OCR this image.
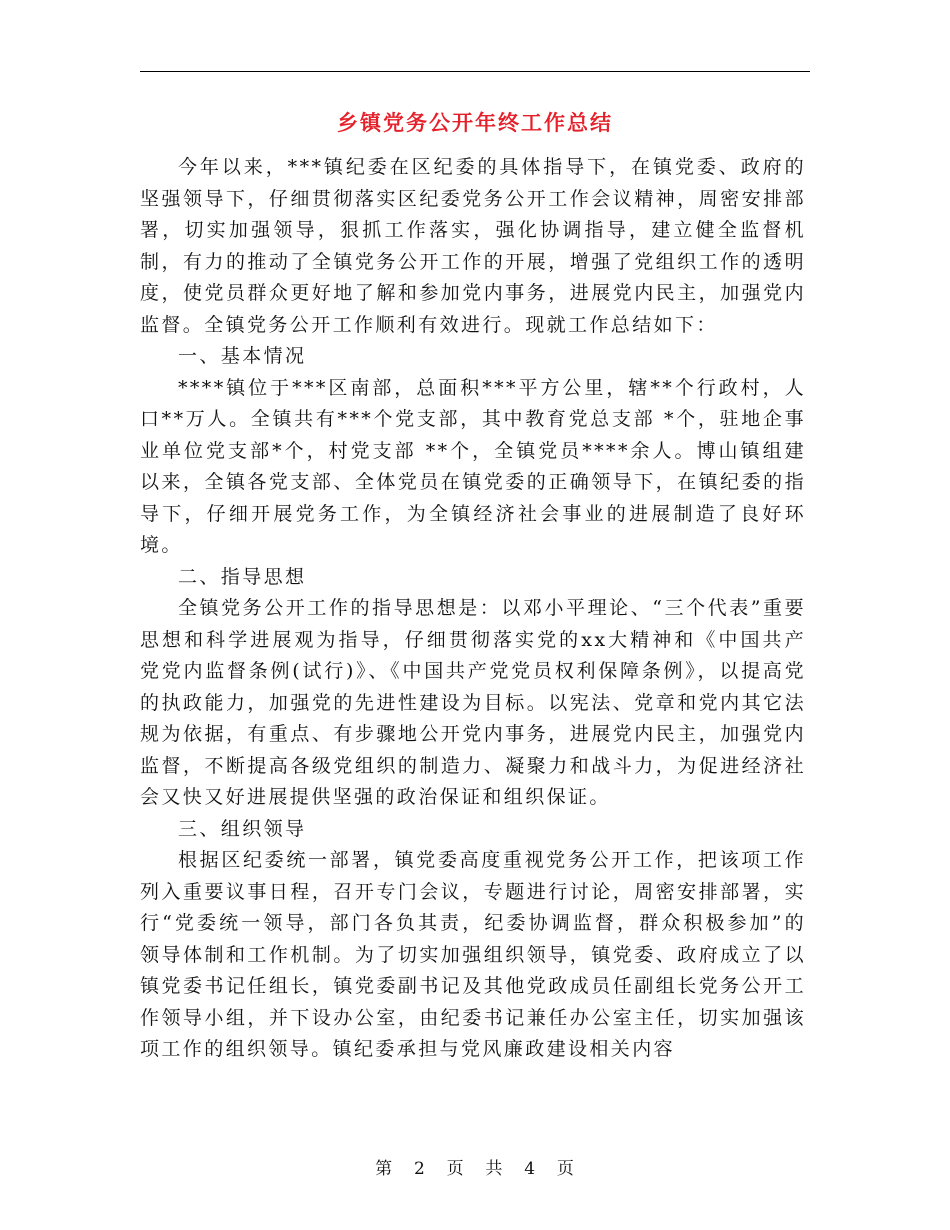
乡镇党务公开年终工作总结

今年以来，***镇纪委在区纪委的具体指导下，在镇党委、政府的坚强领导下，仔细贯彻落实区纪委党务公开工作会议精神，周密安排部署，切实加强领导，狠抓工作落实，强化协调指导，建立健全监督机制，有力的推动了全镇党务公开工作的开展，增强了党组织工作的透明度，使党员群众更好地了解和参加党内事务，进展党内民主，加强党内监督。全镇党务公开工作顺利有效进行。现就工作总结如下：

一、基本情况

****镇位于***区南部，总面积***平方公里，辖**个行政村，人口**万人。全镇共有***个党支部，其中教育党总支部 *个，驻地企事业单位党支部*个，村党支部 **个，全镇党员****余人。博山镇组建以来，全镇各党支部、全体党员在镇党委的正确领导下，在镇纪委的指导下，仔细开展党务工作，为全镇经济社会事业的进展制造了良好环境。

二、指导思想

全镇党务公开工作的指导思想是：以邓小平理论、“三个代表”重要思想和科学进展观为指导，仔细贯彻落实党的xx大精神和《中国共产党党内监督条例(试行)》、《中国共产党党员权利保障条例》，以提高党的执政能力，加强党的先进性建设为目标。以宪法、党章和党内其它法规为依据，有重点、有步骤地公开党内事务，进展党内民主，加强党内监督，不断提高各级党组织的制造力、凝聚力和战斗力，为促进经济社会又快又好进展提供坚强的政治保证和组织保证。

三、组织领导

根据区纪委统一部署，镇党委高度重视党务公开工作，把该项工作列入重要议事日程，召开专门会议，专题进行讨论，周密安排部署，实行“党委统一领导，部门各负其责，纪委协调监督，群众积极参加”的领导体制和工作机制。为了切实加强组织领导，镇党委、政府成立了以镇党委书记任组长，镇党委副书记及其他党政成员任副组长党务公开工作领导小组，并下设办公室，由纪委书记兼任办公室主任，切实加强该项工作的组织领导。镇纪委承担与党风廉政建设相关内容

第 2 页 共 4 页
